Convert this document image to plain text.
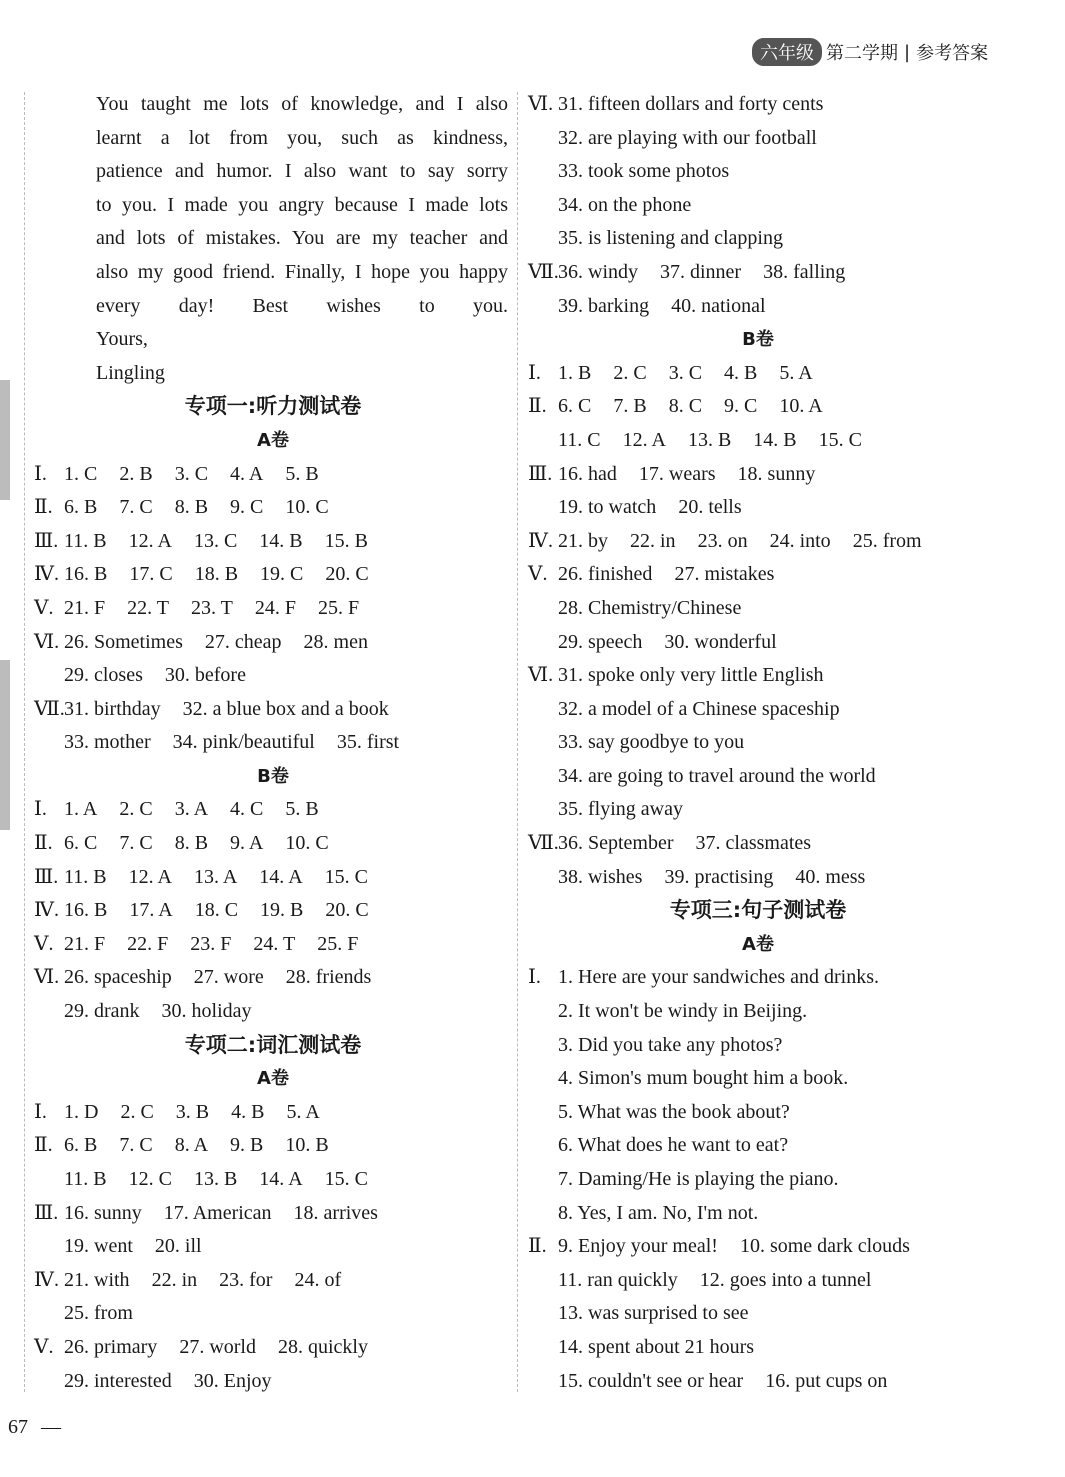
六年级 第二学期 | 参考答案
You taught me lots of knowledge, and I also
learnt a lot from you, such as kindness,
patience and humor. I also want to say sorry
to you. I made you angry because I made lots
and lots of mistakes. You are my teacher and
also my good friend. Finally, I hope you happy
every day! Best wishes to you.
Yours,
Lingling
专项一:听力测试卷
A卷
Ⅰ. 1. C 2. B 3. C 4. A 5. B
Ⅱ. 6. B 7. C 8. B 9. C 10. C
Ⅲ. 11. B 12. A 13. C 14. B 15. B
Ⅳ. 16. B 17. C 18. B 19. C 20. C
Ⅴ. 21. F 22. T 23. T 24. F 25. F
Ⅵ. 26. Sometimes 27. cheap 28. men
29. closes 30. before
Ⅶ.31. birthday 32. a blue box and a book
33. mother 34. pink/beautiful 35. first
B卷
Ⅰ. 1. A 2. C 3. A 4. C 5. B
Ⅱ. 6. C 7. C 8. B 9. A 10. C
Ⅲ. 11. B 12. A 13. A 14. A 15. C
Ⅳ. 16. B 17. A 18. C 19. B 20. C
Ⅴ. 21. F 22. F 23. F 24. T 25. F
Ⅵ. 26. spaceship 27. wore 28. friends
29. drank 30. holiday
专项二:词汇测试卷
A卷
Ⅰ. 1. D 2. C 3. B 4. B 5. A
Ⅱ. 6. B 7. C 8. A 9. B 10. B
11. B 12. C 13. B 14. A 15. C
Ⅲ. 16. sunny 17. American 18. arrives
19. went 20. ill
Ⅳ. 21. with 22. in 23. for 24. of
25. from
Ⅴ. 26. primary 27. world 28. quickly
29. interested 30. Enjoy
Ⅵ. 31. fifteen dollars and forty cents
32. are playing with our football
33. took some photos
34. on the phone
35. is listening and clapping
Ⅶ.36. windy 37. dinner 38. falling
39. barking 40. national
B卷
Ⅰ. 1. B 2. C 3. C 4. B 5. A
Ⅱ. 6. C 7. B 8. C 9. C 10. A
11. C 12. A 13. B 14. B 15. C
Ⅲ. 16. had 17. wears 18. sunny
19. to watch 20. tells
Ⅳ. 21. by 22. in 23. on 24. into 25. from
Ⅴ. 26. finished 27. mistakes
28. Chemistry/Chinese
29. speech 30. wonderful
Ⅵ. 31. spoke only very little English
32. a model of a Chinese spaceship
33. say goodbye to you
34. are going to travel around the world
35. flying away
Ⅶ.36. September 37. classmates
38. wishes 39. practising 40. mess
专项三:句子测试卷
A卷
Ⅰ. 1. Here are your sandwiches and drinks.
2. It won't be windy in Beijing.
3. Did you take any photos?
4. Simon's mum bought him a book.
5. What was the book about?
6. What does he want to eat?
7. Daming/He is playing the piano.
8. Yes, I am. No, I'm not.
Ⅱ. 9. Enjoy your meal! 10. some dark clouds
11. ran quickly 12. goes into a tunnel
13. was surprised to see
14. spent about 21 hours
15. couldn't see or hear 16. put cups on
67 —
